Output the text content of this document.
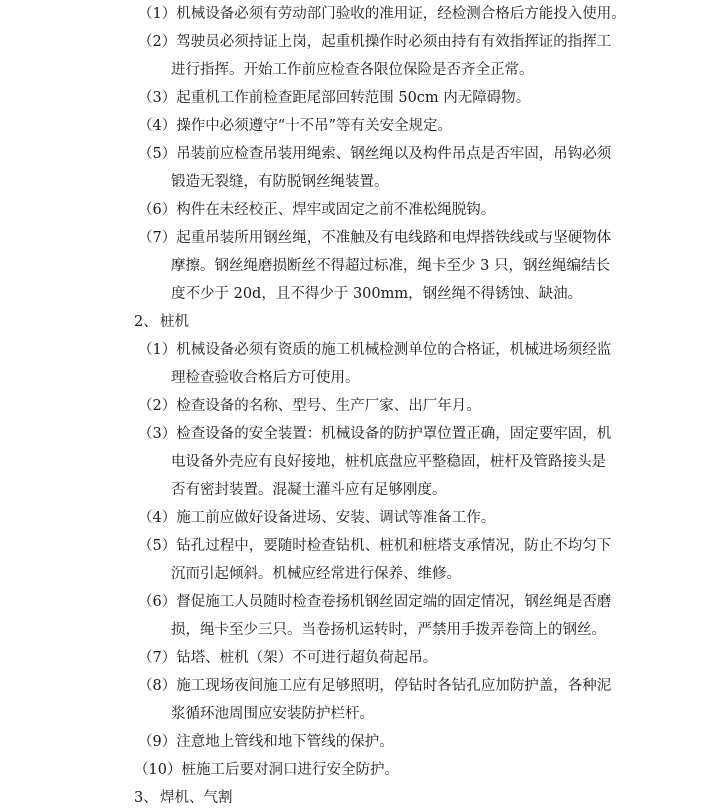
（1）机械设备必须有劳动部门验收的准用证，经检测合格后方能投入使用。
（2）驾驶员必须持证上岗，起重机操作时必须由持有有效指挥证的指挥工
进行指挥。开始工作前应检查各限位保险是否齐全正常。
（3）起重机工作前检查距尾部回转范围 50cm 内无障碍物。
（4）操作中必须遵守“十不吊”等有关安全规定。
（5）吊装前应检查吊装用绳索、钢丝绳以及构件吊点是否牢固，吊钩必须
锻造无裂缝，有防脱钢丝绳装置。
（6）构件在未经校正、焊牢或固定之前不准松绳脱钩。
（7）起重吊装所用钢丝绳，不准触及有电线路和电焊搭铁线或与坚硬物体
摩擦。钢丝绳磨损断丝不得超过标准，绳卡至少 3 只，钢丝绳编结长
度不少于 20d，且不得少于 300mm，钢丝绳不得锈蚀、缺油。
2、 桩机
（1）机械设备必须有资质的施工机械检测单位的合格证，机械进场须经监
理检查验收合格后方可使用。
（2）检查设备的名称、型号、生产厂家、出厂年月。
（3）检查设备的安全装置：机械设备的防护罩位置正确，固定要牢固，机
电设备外壳应有良好接地，桩机底盘应平整稳固，桩杆及管路接头是
否有密封装置。混凝土灌斗应有足够刚度。
（4）施工前应做好设备进场、安装、调试等准备工作。
（5）钻孔过程中，要随时检查钻机、桩机和桩塔支承情况，防止不均匀下
沉而引起倾斜。机械应经常进行保养、维修。
（6）督促施工人员随时检查卷扬机钢丝固定端的固定情况，钢丝绳是否磨
损，绳卡至少三只。当卷扬机运转时，严禁用手拨弄卷筒上的钢丝。
（7）钻塔、桩机（架）不可进行超负荷起吊。
（8）施工现场夜间施工应有足够照明，停钻时各钻孔应加防护盖，各种泥
浆循环池周围应安装防护栏杆。
（9）注意地上管线和地下管线的保护。
（10）桩施工后要对洞口进行安全防护。
3、 焊机、气割
